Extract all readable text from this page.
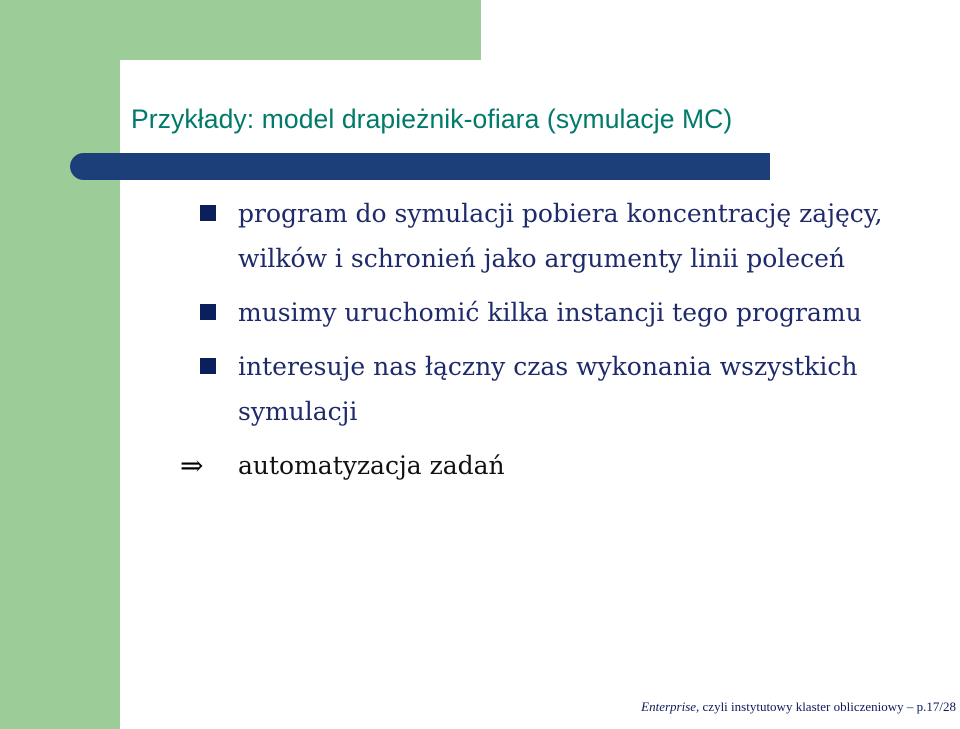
Przykłady: model drapieżnik-ofiara (symulacje MC)
program do symulacji pobiera koncentrację zajęcy,
wilków i schronień jako argumenty linii poleceń
musimy uruchomić kilka instancji tego programu
interesuje nas łączny czas wykonania wszystkich
symulacji
⇒ automatyzacja zadań
Enterprise, czyli instytutowy klaster obliczeniowy – p.17/28
